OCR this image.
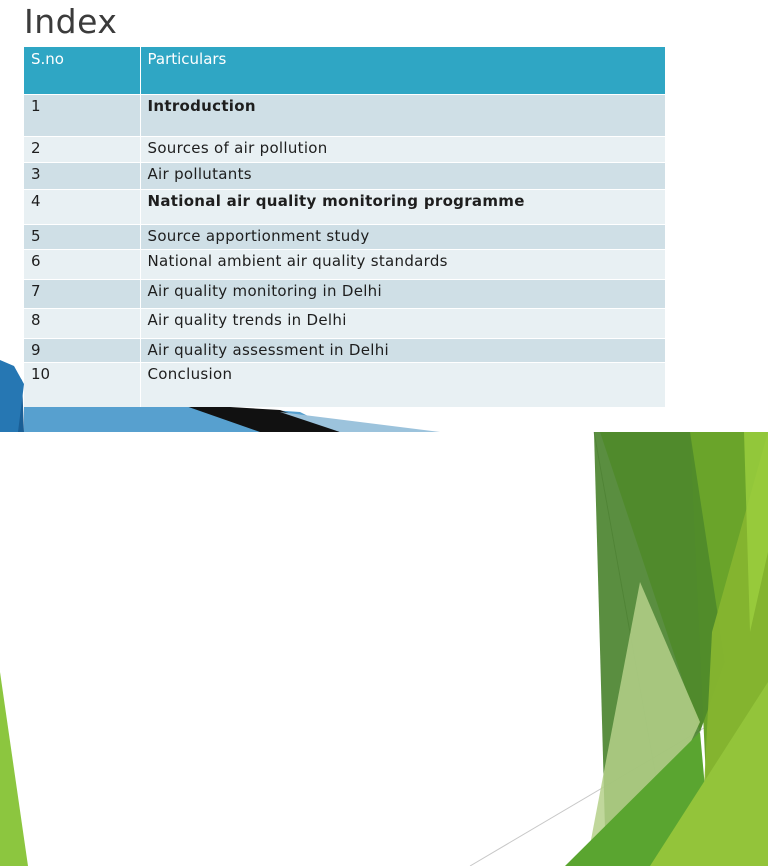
Index
S.no	Particulars
1	Introduction
2	Sources of air pollution
3	Air pollutants
4	National air quality monitoring programme
5	Source apportionment study
6	National ambient air quality standards
7	Air quality monitoring in Delhi
8	Air quality trends in Delhi
9	Air quality assessment in Delhi
10	Conclusion
